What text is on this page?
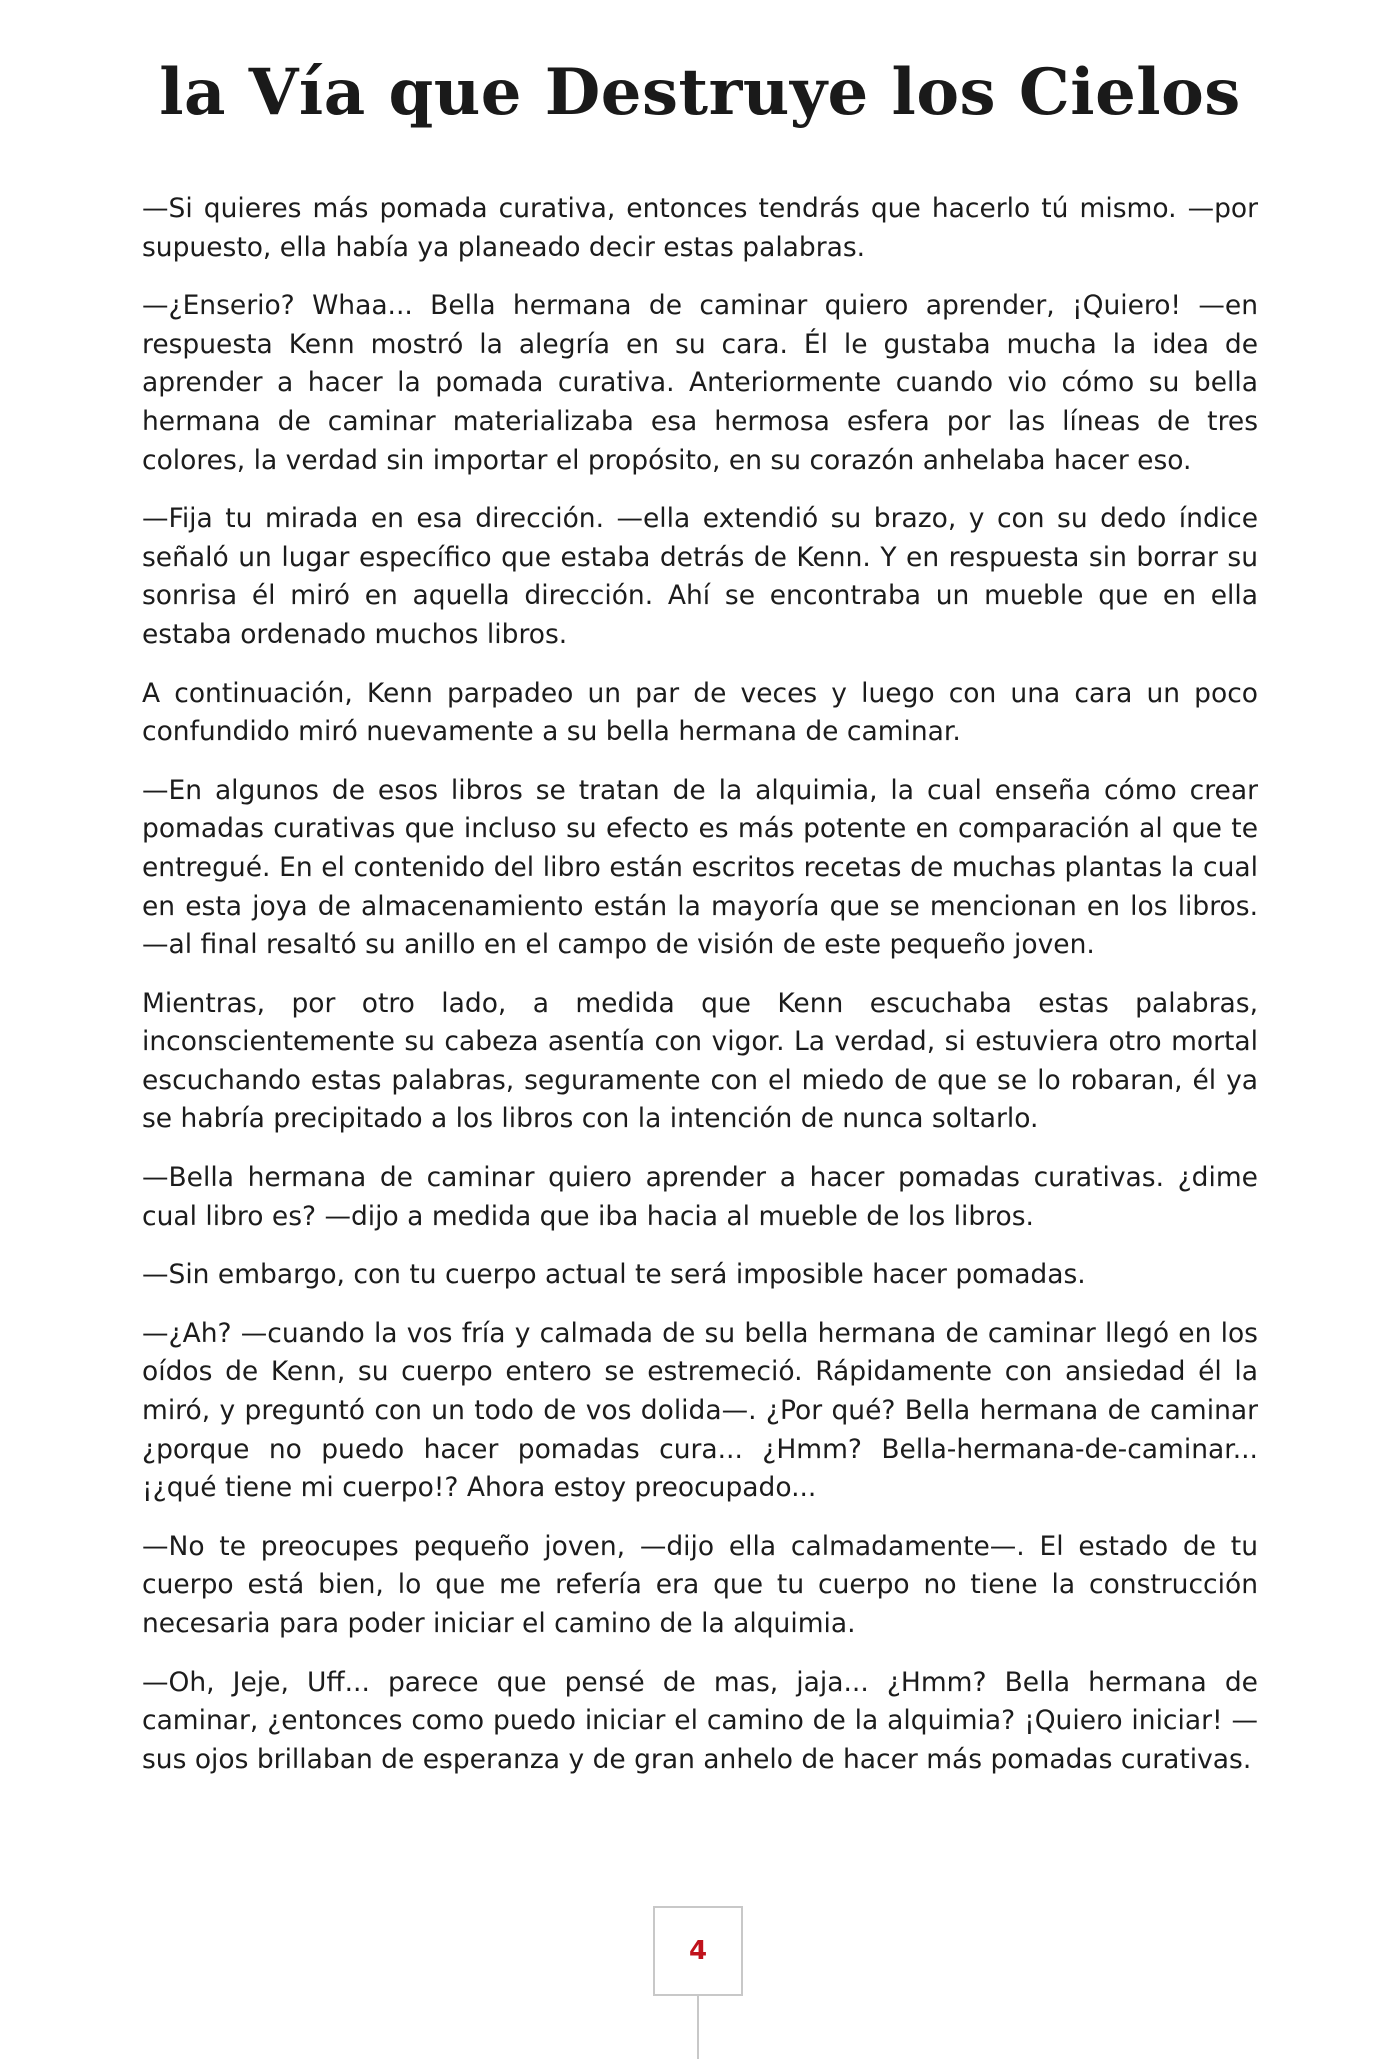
la Vía que Destruye los Cielos

—Si quieres más pomada curativa, entonces tendrás que hacerlo tú mismo. —por supuesto, ella había ya planeado decir estas palabras.

—¿Enserio? Whaa... Bella hermana de caminar quiero aprender, ¡Quiero! —en respuesta Kenn mostró la alegría en su cara. Él le gustaba mucha la idea de aprender a hacer la pomada curativa. Anteriormente cuando vio cómo su bella hermana de caminar materializaba esa hermosa esfera por las líneas de tres colores, la verdad sin importar el propósito, en su corazón anhelaba hacer eso.

—Fija tu mirada en esa dirección. —ella extendió su brazo, y con su dedo índice señaló un lugar específico que estaba detrás de Kenn. Y en respuesta sin borrar su sonrisa él miró en aquella dirección. Ahí se encontraba un mueble que en ella estaba ordenado muchos libros.

A continuación, Kenn parpadeo un par de veces y luego con una cara un poco confundido miró nuevamente a su bella hermana de caminar.

—En algunos de esos libros se tratan de la alquimia, la cual enseña cómo crear pomadas curativas que incluso su efecto es más potente en comparación al que te entregué. En el contenido del libro están escritos recetas de muchas plantas la cual en esta joya de almacenamiento están la mayoría que se mencionan en los libros. —al final resaltó su anillo en el campo de visión de este pequeño joven.

Mientras, por otro lado, a medida que Kenn escuchaba estas palabras, inconscientemente su cabeza asentía con vigor. La verdad, si estuviera otro mortal escuchando estas palabras, seguramente con el miedo de que se lo robaran, él ya se habría precipitado a los libros con la intención de nunca soltarlo.

—Bella hermana de caminar quiero aprender a hacer pomadas curativas. ¿dime cual libro es? —dijo a medida que iba hacia al mueble de los libros.

—Sin embargo, con tu cuerpo actual te será imposible hacer pomadas.

—¿Ah? —cuando la vos fría y calmada de su bella hermana de caminar llegó en los oídos de Kenn, su cuerpo entero se estremeció. Rápidamente con ansiedad él la miró, y preguntó con un todo de vos dolida—. ¿Por qué? Bella hermana de caminar ¿porque no puedo hacer pomadas cura... ¿Hmm? Bella-hermana-de-caminar... ¡¿qué tiene mi cuerpo!? Ahora estoy preocupado...

—No te preocupes pequeño joven, —dijo ella calmadamente—. El estado de tu cuerpo está bien, lo que me refería era que tu cuerpo no tiene la construcción necesaria para poder iniciar el camino de la alquimia.

—Oh, Jeje, Uff... parece que pensé de mas, jaja... ¿Hmm? Bella hermana de caminar, ¿entonces como puedo iniciar el camino de la alquimia? ¡Quiero iniciar! —sus ojos brillaban de esperanza y de gran anhelo de hacer más pomadas curativas.

4
